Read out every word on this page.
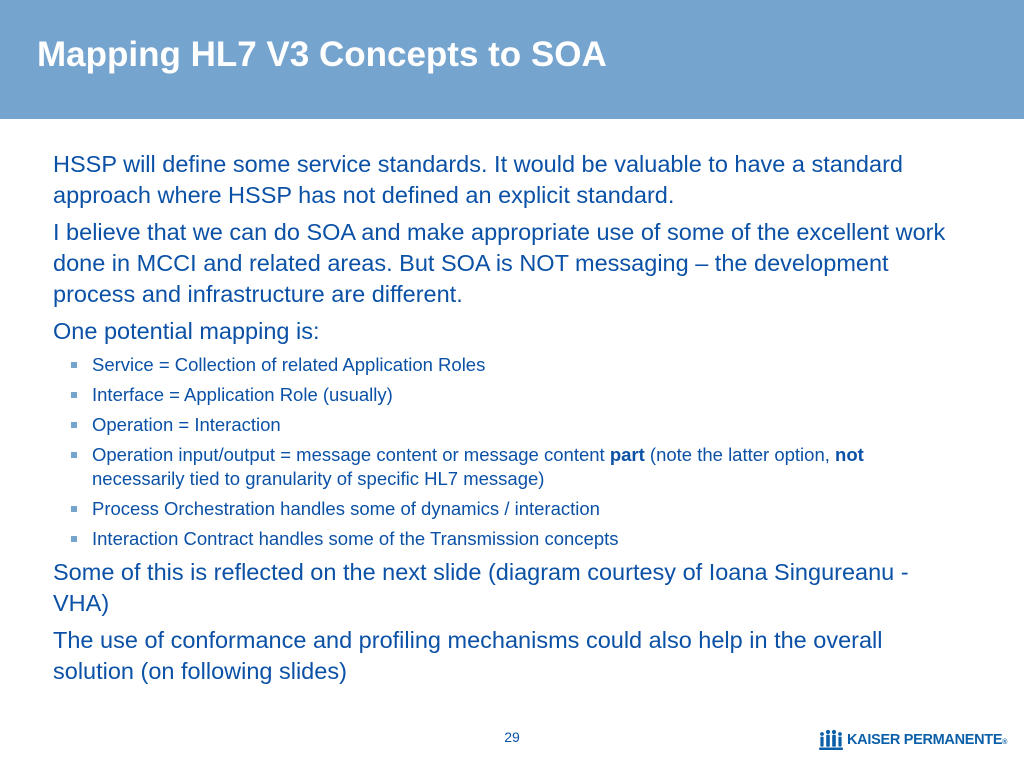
Mapping HL7 V3 Concepts to SOA

HSSP will define some service standards. It would be valuable to have a standard approach where HSSP has not defined an explicit standard.

I believe that we can do SOA and make appropriate use of some of the excellent work done in MCCI and related areas. But SOA is NOT messaging – the development process and infrastructure are different.

One potential mapping is:

Service = Collection of related Application Roles
Interface = Application Role (usually)
Operation = Interaction
Operation input/output = message content or message content part (note the latter option, not necessarily tied to granularity of specific HL7 message)
Process Orchestration handles some of dynamics / interaction
Interaction Contract handles some of the Transmission concepts

Some of this is reflected on the next slide (diagram courtesy of Ioana Singureanu - VHA)

The use of conformance and profiling mechanisms could also help in the overall solution (on following slides)

29	KAISER PERMANENTE®
